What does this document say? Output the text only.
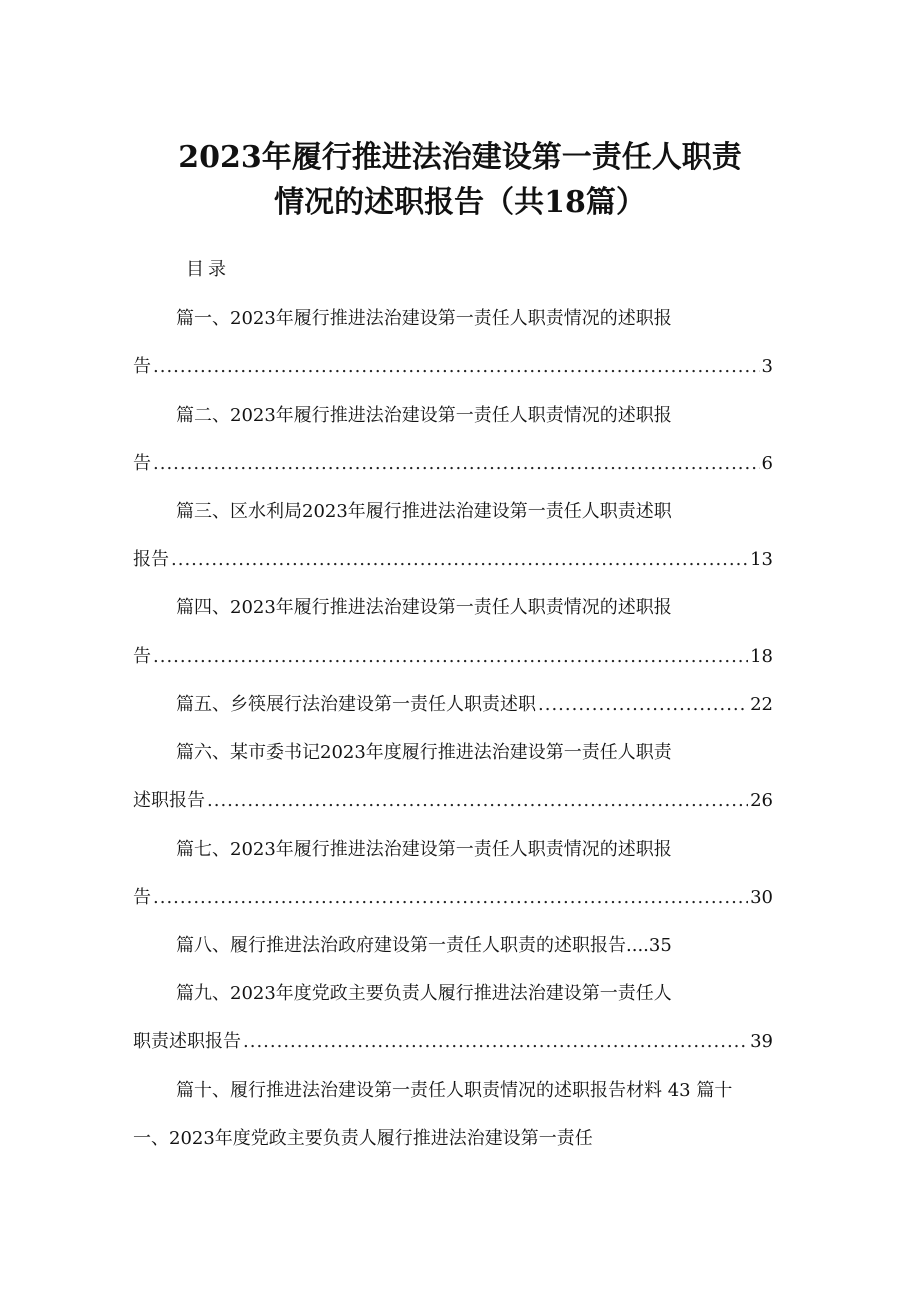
2023年履行推进法治建设第一责任人职责
情况的述职报告（共18篇）
目录
篇一、2023年履行推进法治建设第一责任人职责情况的述职报
告 .....	3
篇二、2023年履行推进法治建设第一责任人职责情况的述职报
告 .....	6
篇三、区水利局2023年履行推进法治建设第一责任人职责述职
报告 .....	13
篇四、2023年履行推进法治建设第一责任人职责情况的述职报
告 .....	18
篇五、乡筷展行法治建设第一责任人职责述职 .....	22
篇六、某市委书记2023年度履行推进法治建设第一责任人职责
述职报告 .....	26
篇七、2023年履行推进法治建设第一责任人职责情况的述职报
告 .....	30
篇八、履行推进法治政府建设第一责任人职责的述职报告....35
篇九、2023年度党政主要负责人履行推进法治建设第一责任人
职责述职报告 .....	39
篇十、履行推进法治建设第一责任人职责情况的述职报告材料 43 篇十
一、2023年度党政主要负责人履行推进法治建设第一责任
